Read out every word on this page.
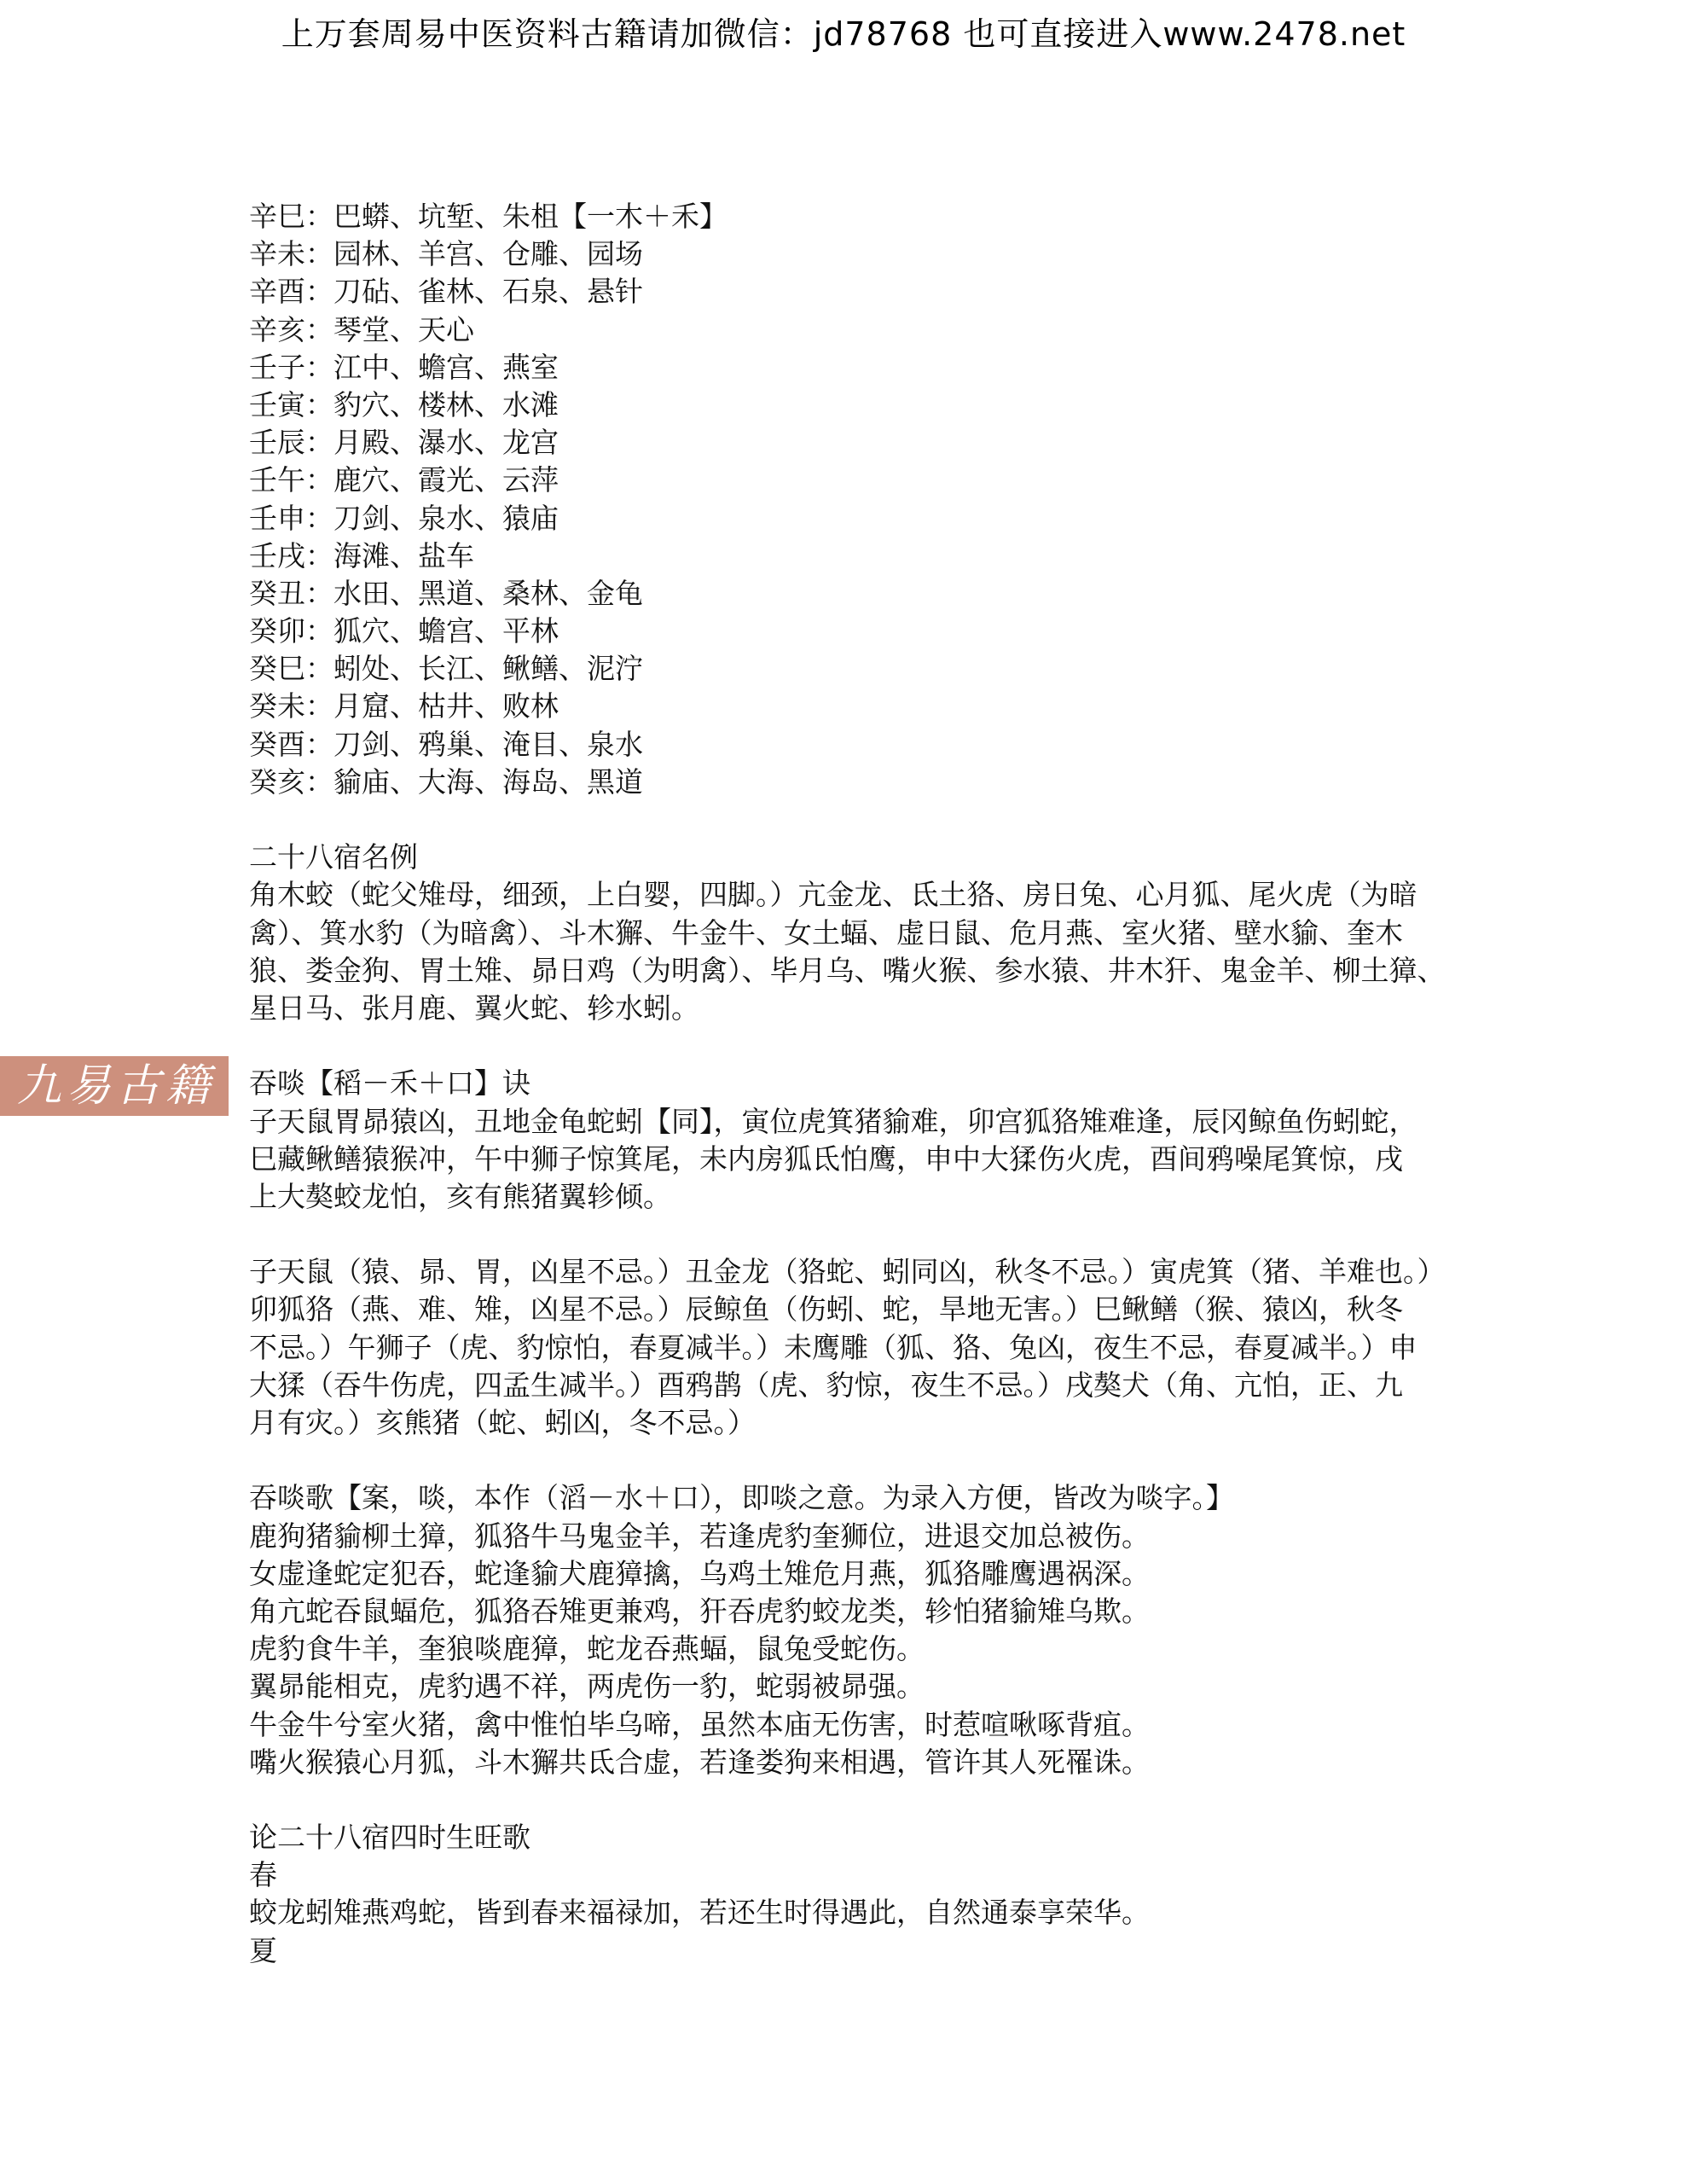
上万套周易中医资料古籍请加微信：jd78768 也可直接进入www.2478.net
辛巳：巴蟒、坑堑、朱柤【一木＋禾】
辛未：园林、羊宫、仓雕、园场
辛酉：刀砧、雀林、石泉、悬针
辛亥：琴堂、天心
壬子：江中、蟾宫、燕室
壬寅：豹穴、楼林、水滩
壬辰：月殿、瀑水、龙宫
壬午：鹿穴、霞光、云萍
壬申：刀剑、泉水、猿庙
壬戌：海滩、盐车
癸丑：水田、黑道、桑林、金龟
癸卯：狐穴、蟾宫、平林
癸巳：蚓处、长江、鳅鳝、泥泞
癸未：月窟、枯井、败林
癸酉：刀剑、鸦巢、淹目、泉水
癸亥：貐庙、大海、海岛、黑道
二十八宿名例
角木蛟（蛇父雉母，细颈，上白婴，四脚。）亢金龙、氐土狢、房日兔、心月狐、尾火虎（为暗
禽）、箕水豹（为暗禽）、斗木獬、牛金牛、女土蝠、虚日鼠、危月燕、室火猪、壁水貐、奎木
狼、娄金狗、胃土雉、昴日鸡（为明禽）、毕月乌、嘴火猴、参水猿、井木犴、鬼金羊、柳土獐、
星日马、张月鹿、翼火蛇、轸水蚓。
吞啖【稻－禾＋口】诀
子天鼠胃昴猿凶，丑地金龟蛇蚓【同】，寅位虎箕猪貐难，卯宫狐狢雉难逢，辰冈鲸鱼伤蚓蛇，
巳藏鳅鳝猿猴冲，午中狮子惊箕尾，未内房狐氐怕鹰，申中大猱伤火虎，酉间鸦噪尾箕惊，戌
上大獒蛟龙怕，亥有熊猪翼轸倾。
子天鼠（猿、昴、胃，凶星不忌。）丑金龙（狢蛇、蚓同凶，秋冬不忌。）寅虎箕（猪、羊难也。）
卯狐狢（燕、难、雉，凶星不忌。）辰鲸鱼（伤蚓、蛇，旱地无害。）巳鳅鳝（猴、猿凶，秋冬
不忌。）午狮子（虎、豹惊怕，春夏减半。）未鹰雕（狐、狢、兔凶，夜生不忌，春夏减半。）申
大猱（吞牛伤虎，四孟生减半。）酉鸦鹊（虎、豹惊，夜生不忌。）戌獒犬（角、亢怕，正、九
月有灾。）亥熊猪（蛇、蚓凶，冬不忌。）
吞啖歌【案，啖，本作（滔－水＋口），即啖之意。为录入方便，皆改为啖字。】
鹿狗猪貐柳土獐，狐狢牛马鬼金羊，若逢虎豹奎狮位，进退交加总被伤。
女虚逢蛇定犯吞，蛇逢貐犬鹿獐擒，乌鸡土雉危月燕，狐狢雕鹰遇祸深。
角亢蛇吞鼠蝠危，狐狢吞雉更兼鸡，犴吞虎豹蛟龙类，轸怕猪貐雉乌欺。
虎豹食牛羊，奎狼啖鹿獐，蛇龙吞燕蝠，鼠兔受蛇伤。
翼昴能相克，虎豹遇不祥，两虎伤一豹，蛇弱被昴强。
牛金牛兮室火猪，禽中惟怕毕乌啼，虽然本庙无伤害，时惹喧啾啄背疽。
嘴火猴猿心月狐，斗木獬共氐合虚，若逢娄狗来相遇，管许其人死罹诛。
论二十八宿四时生旺歌
春
蛟龙蚓雉燕鸡蛇，皆到春来福禄加，若还生时得遇此，自然通泰享荣华。
夏
九易古籍网
